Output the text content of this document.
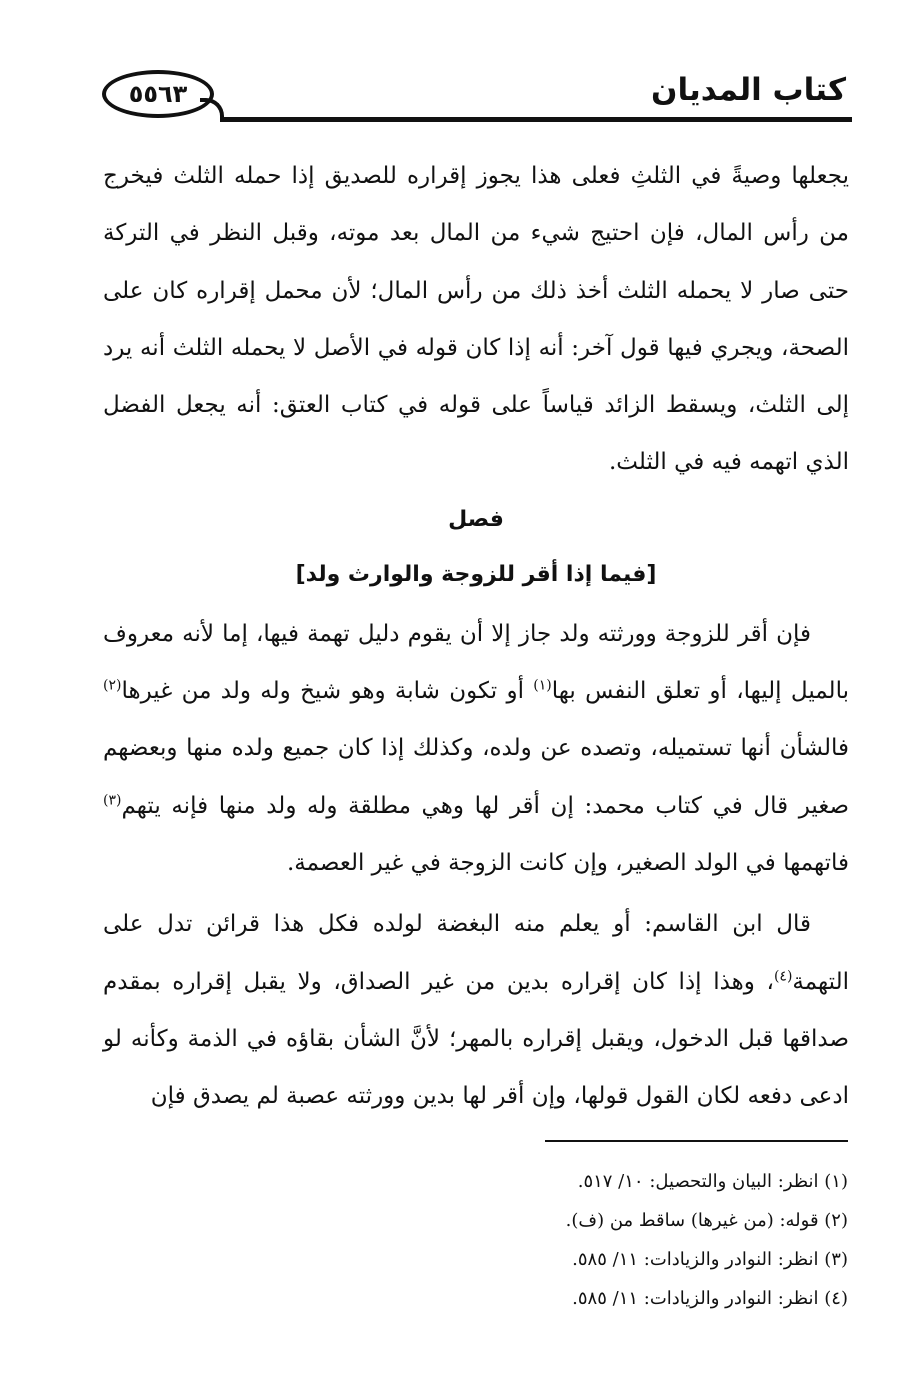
كتاب المديان
٥٥٦٣

يجعلها وصيةً في الثلثِ فعلى هذا يجوز إقراره للصديق إذا حمله الثلث فيخرج من رأس المال، فإن احتيج شيء من المال بعد موته، وقبل النظر في التركة حتى صار لا يحمله الثلث أخذ ذلك من رأس المال؛ لأن محمل إقراره كان على الصحة، ويجري فيها قول آخر: أنه إذا كان قوله في الأصل لا يحمله الثلث أنه يرد إلى الثلث، ويسقط الزائد قياساً على قوله في كتاب العتق: أنه يجعل الفضل الذي اتهمه فيه في الثلث.

فصل

[فيما إذا أقر للزوجة والوارث ولد]

فإن أقر للزوجة وورثته ولد جاز إلا أن يقوم دليل تهمة فيها، إما لأنه معروف بالميل إليها، أو تعلق النفس بها$^{(١)}$ أو تكون شابة وهو شيخ وله ولد من غيرها$^{(٢)}$ فالشأن أنها تستميله، وتصده عن ولده، وكذلك إذا كان جميع ولده منها وبعضهم صغير قال في كتاب محمد: إن أقر لها وهي مطلقة وله ولد منها فإنه يتهم$^{(٣)}$ فاتهمها في الولد الصغير، وإن كانت الزوجة في غير العصمة.

قال ابن القاسم: أو يعلم منه البغضة لولده فكل هذا قرائن تدل على التهمة$^{(٤)}$، وهذا إذا كان إقراره بدين من غير الصداق، ولا يقبل إقراره بمقدم صداقها قبل الدخول، ويقبل إقراره بالمهر؛ لأنَّ الشأن بقاؤه في الذمة وكأنه لو ادعى دفعه لكان القول قولها، وإن أقر لها بدين وورثته عصبة لم يصدق فإن

(١) انظر: البيان والتحصيل: ١٠/ ٥١٧.
(٢) قوله: (من غيرها) ساقط من (ف).
(٣) انظر: النوادر والزيادات: ١١/ ٥٨٥.
(٤) انظر: النوادر والزيادات: ١١/ ٥٨٥.
